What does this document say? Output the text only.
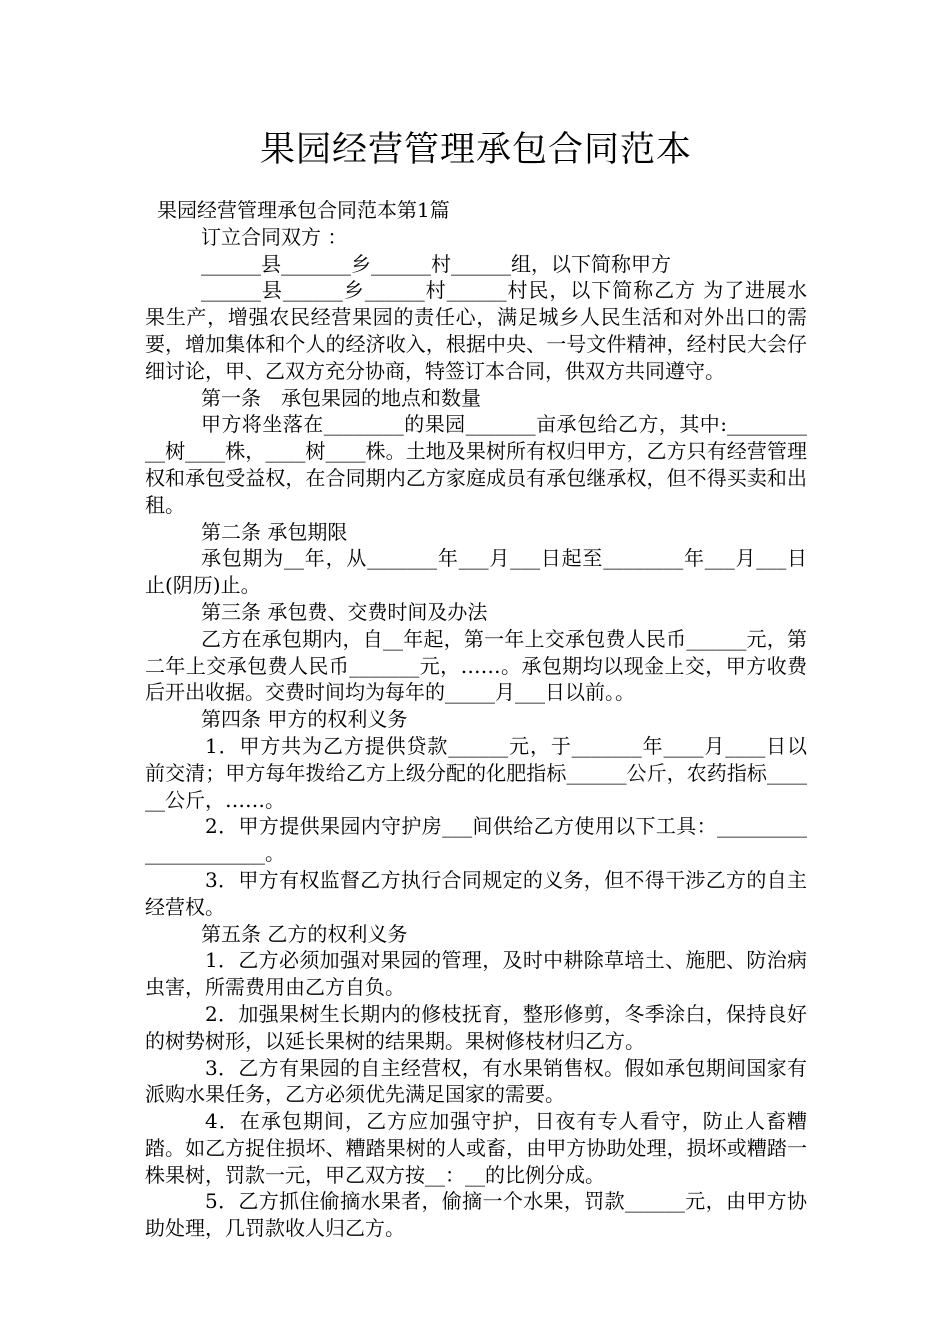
果园经营管理承包合同范本

果园经营管理承包合同范本第1篇

订立合同双方 ：

______县_______乡______村______组，以下简称甲方

______县______乡______村______村民，以下简称乙方 为了进展水果生产，增强农民经营果园的责任心，满足城乡人民生活和对外出口的需要，增加集体和个人的经济收入，根据中央、一号文件精神，经村民大会仔细讨论，甲、乙双方充分协商，特签订本合同，供双方共同遵守。

第一条　承包果园的地点和数量

甲方将坐落在________的果园_______亩承包给乙方，其中:__________树____株，____树____株。土地及果树所有权归甲方，乙方只有经营管理权和承包受益权，在合同期内乙方家庭成员有承包继承权，但不得买卖和出租。

第二条 承包期限

承包期为__年，从_______年___月___日起至________年___月___日止(阴历)止。

第三条 承包费、交费时间及办法

乙方在承包期内，自__年起，第一年上交承包费人民币______元，第二年上交承包费人民币_______元，……。承包期均以现金上交，甲方收费后开出收据。交费时间均为每年的_____月___日以前。。

第四条 甲方的权利义务

1．甲方共为乙方提供贷款______元，于_______年____月____日以前交清；甲方每年拨给乙方上级分配的化肥指标______公斤，农药指标______公斤，……。

2．甲方提供果园内守护房___间供给乙方使用以下工具：_____________________。

3．甲方有权监督乙方执行合同规定的义务，但不得干涉乙方的自主经营权。

第五条 乙方的权利义务

1．乙方必须加强对果园的管理，及时中耕除草培土、施肥、防治病虫害，所需费用由乙方自负。

2．加强果树生长期内的修枝抚育，整形修剪，冬季涂白，保持良好的树势树形，以延长果树的结果期。果树修枝材归乙方。

3．乙方有果园的自主经营权，有水果销售权。假如承包期间国家有派购水果任务，乙方必须优先满足国家的需要。

4．在承包期间，乙方应加强守护，日夜有专人看守，防止人畜糟踏。如乙方捉住损坏、糟踏果树的人或畜，由甲方协助处理，损坏或糟踏一株果树，罚款一元，甲乙双方按__：__的比例分成。

5．乙方抓住偷摘水果者，偷摘一个水果，罚款______元，由甲方协助处理，几罚款收人归乙方。
